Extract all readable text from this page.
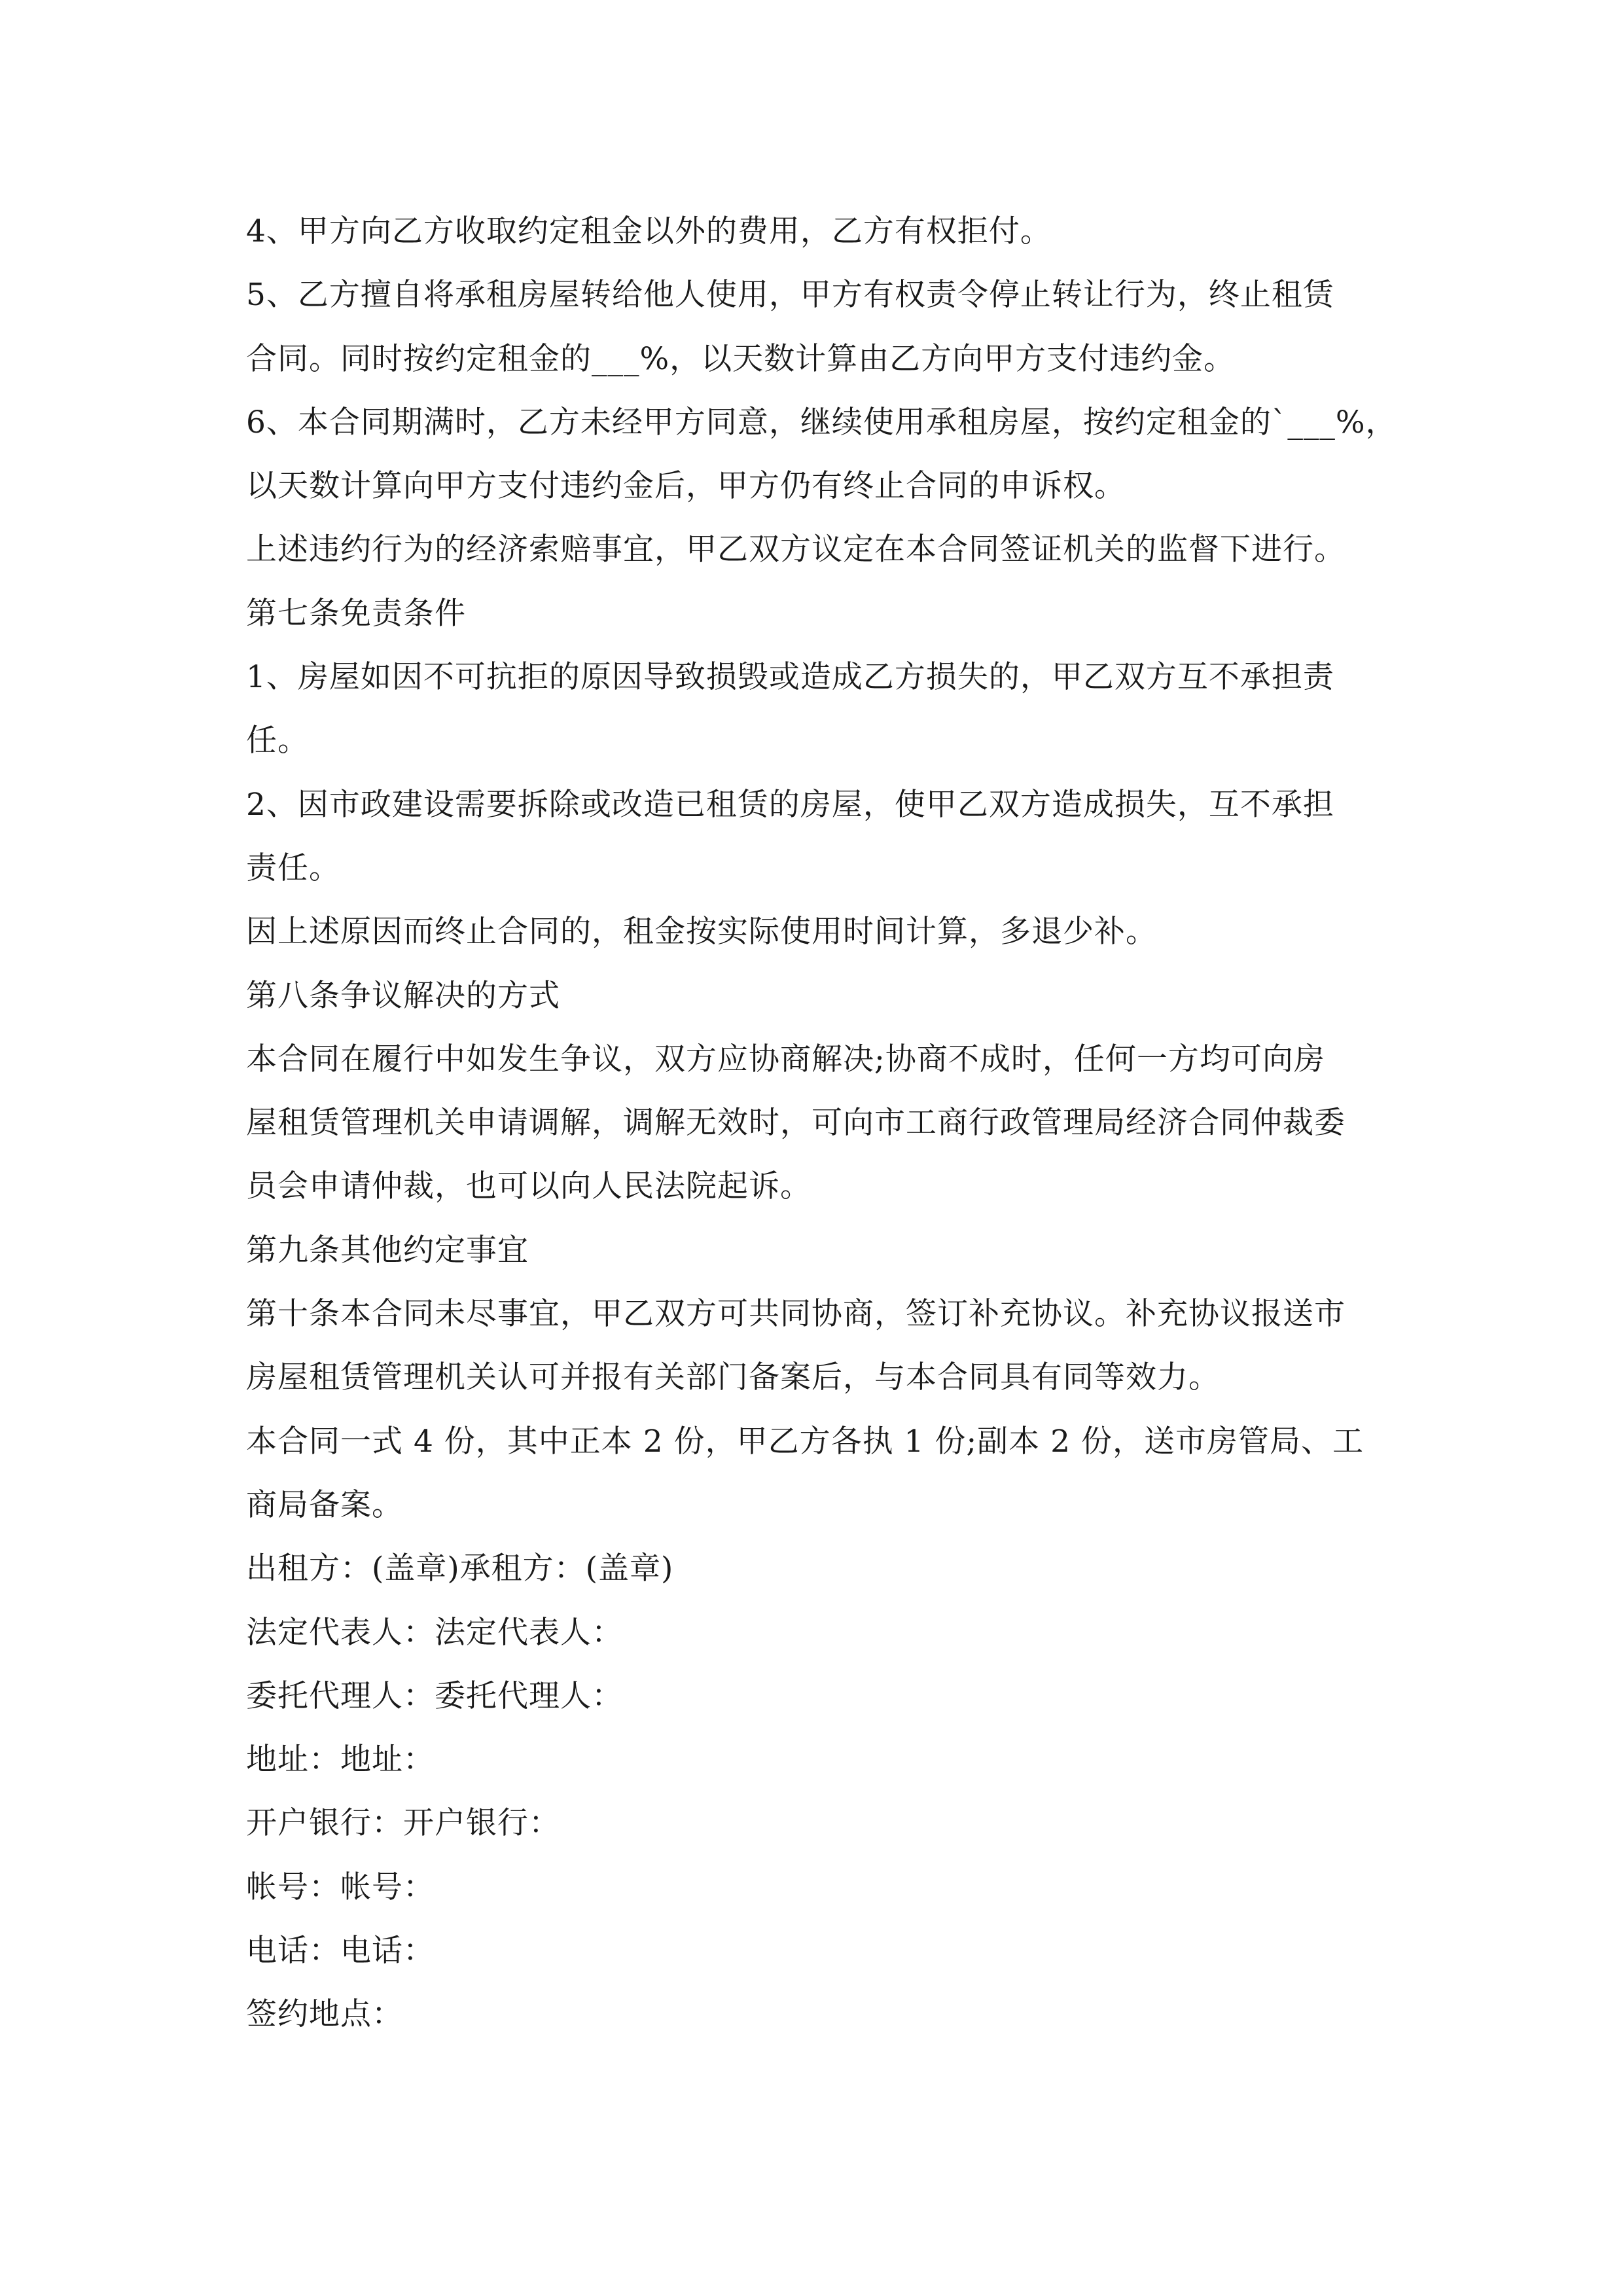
4、甲方向乙方收取约定租金以外的费用，乙方有权拒付。
5、乙方擅自将承租房屋转给他人使用，甲方有权责令停止转让行为，终止租赁
合同。同时按约定租金的___%，以天数计算由乙方向甲方支付违约金。
6、本合同期满时，乙方未经甲方同意，继续使用承租房屋，按约定租金的`___%，
以天数计算向甲方支付违约金后，甲方仍有终止合同的申诉权。
上述违约行为的经济索赔事宜，甲乙双方议定在本合同签证机关的监督下进行。
第七条免责条件
1、房屋如因不可抗拒的原因导致损毁或造成乙方损失的，甲乙双方互不承担责
任。
2、因市政建设需要拆除或改造已租赁的房屋，使甲乙双方造成损失，互不承担
责任。
因上述原因而终止合同的，租金按实际使用时间计算，多退少补。
第八条争议解决的方式
本合同在履行中如发生争议，双方应协商解决;协商不成时，任何一方均可向房
屋租赁管理机关申请调解，调解无效时，可向市工商行政管理局经济合同仲裁委
员会申请仲裁，也可以向人民法院起诉。
第九条其他约定事宜
第十条本合同未尽事宜，甲乙双方可共同协商，签订补充协议。补充协议报送市
房屋租赁管理机关认可并报有关部门备案后，与本合同具有同等效力。
本合同一式 4 份，其中正本 2 份，甲乙方各执 1 份;副本 2 份，送市房管局、工
商局备案。
出租方：(盖章)承租方：(盖章)
法定代表人：法定代表人：
委托代理人：委托代理人：
地址：地址：
开户银行：开户银行：
帐号：帐号：
电话：电话：
签约地点：
